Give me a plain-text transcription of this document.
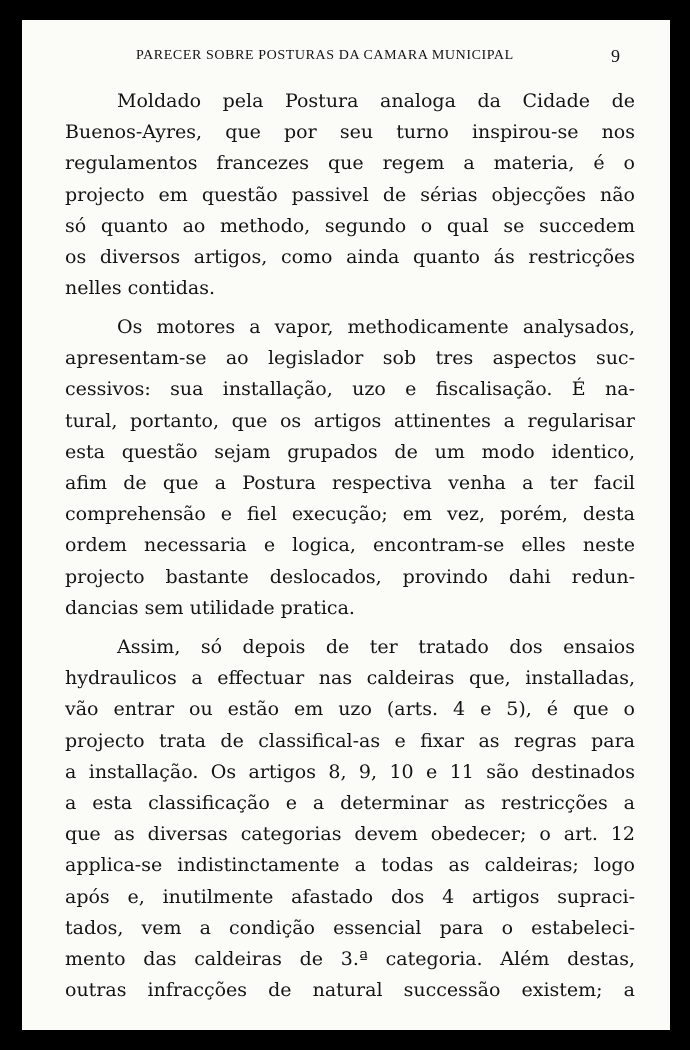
PARECER SOBRE POSTURAS DA CAMARA MUNICIPAL	9
Moldado pela Postura analoga da Cidade de
Buenos-Ayres, que por seu turno inspirou-se nos
regulamentos francezes que regem a materia, é o
projecto em questão passivel de sérias objecções não
só quanto ao methodo, segundo o qual se succedem
os diversos artigos, como ainda quanto ás restricções
nelles contidas.
Os motores a vapor, methodicamente analysados,
apresentam-se ao legislador sob tres aspectos suc-
cessivos: sua installação, uzo e fiscalisação. É na-
tural, portanto, que os artigos attinentes a regularisar
esta questão sejam grupados de um modo identico,
afim de que a Postura respectiva venha a ter facil
comprehensão e fiel execução; em vez, porém, desta
ordem necessaria e logica, encontram-se elles neste
projecto bastante deslocados, provindo dahi redun-
dancias sem utilidade pratica.
Assim, só depois de ter tratado dos ensaios
hydraulicos a effectuar nas caldeiras que, installadas,
vão entrar ou estão em uzo (arts. 4 e 5), é que o
projecto trata de classifical-as e fixar as regras para
a installação. Os artigos 8, 9, 10 e 11 são destinados
a esta classificação e a determinar as restricções a
que as diversas categorias devem obedecer; o art. 12
applica-se indistinctamente a todas as caldeiras; logo
após e, inutilmente afastado dos 4 artigos supraci-
tados, vem a condição essencial para o estabeleci-
mento das caldeiras de 3.ª categoria. Além destas,
outras infracções de natural successão existem; a
